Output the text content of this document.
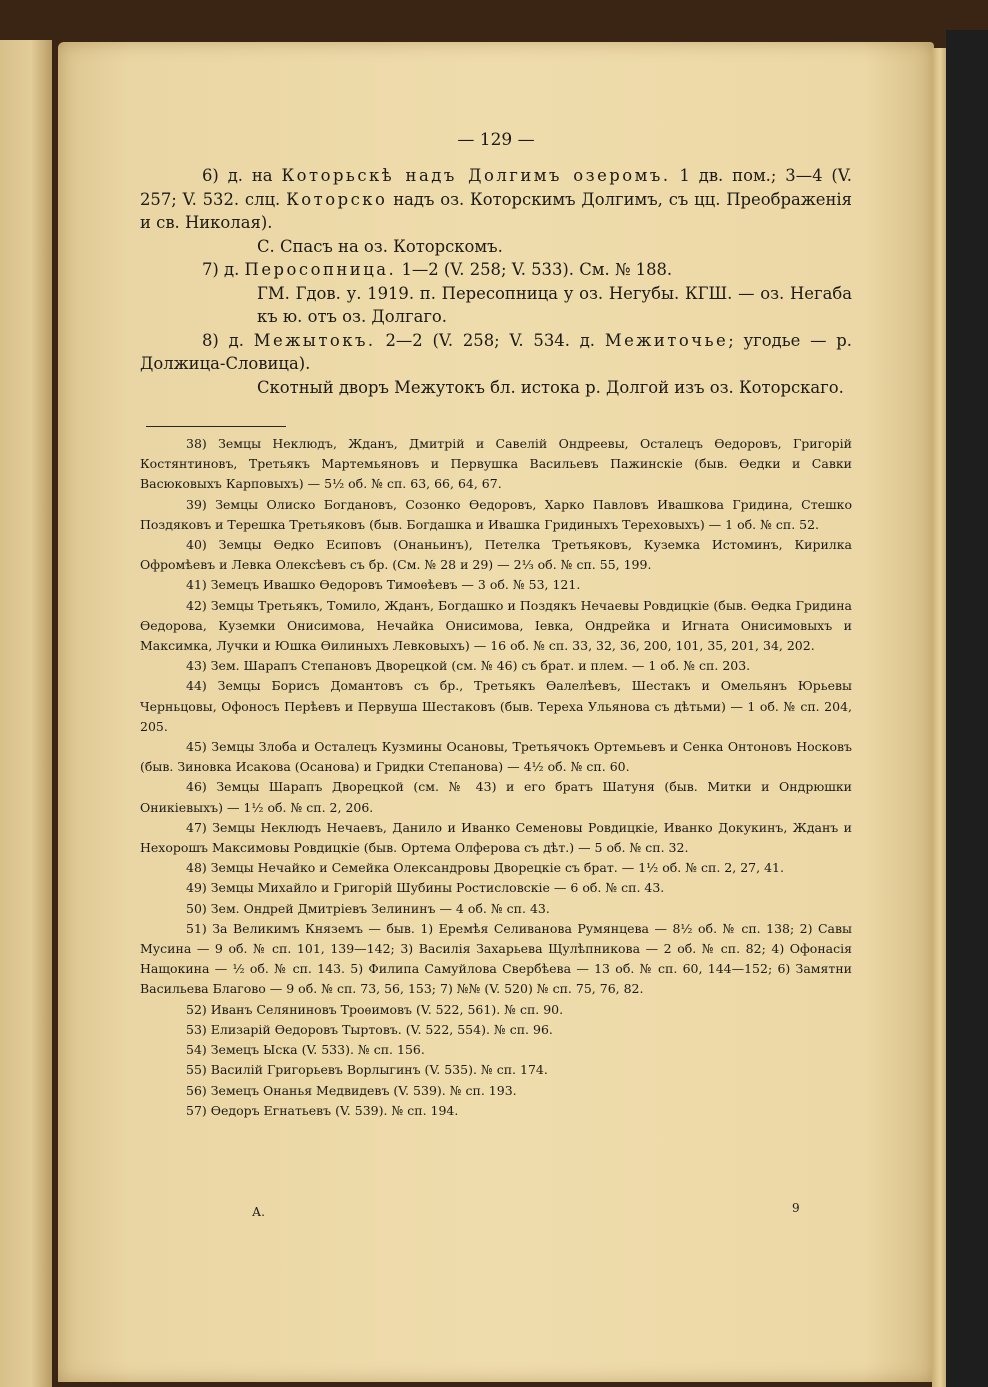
— 129 —

6) д. на Которьскѣ надъ Долгимъ озеромъ. 1 дв. пом.; 3—4 (V. 257; V. 532. слц. Которско надъ оз. Которскимъ Долгимъ, съ цц. Преображенія и св. Николая).

С. Спасъ на оз. Которскомъ.

7) д. Перосопница. 1—2 (V. 258; V. 533). См. № 188.

ГМ. Гдов. у. 1919. п. Пересопница у оз. Негубы. КГШ. — оз. Негаба къ ю. отъ оз. Долгаго.

8) д. Межытокъ. 2—2 (V. 258; V. 534. д. Межиточье; угодье — р. Должица-Словица).

Скотный дворъ Межутокъ бл. истока р. Долгой изъ оз. Которскаго.

38) Земцы Неклюдъ, Жданъ, Дмитрій и Савелій Ондреевы, Осталецъ Ѳедоровъ, Григорій Костянтиновъ, Третьякъ Мартемьяновъ и Первушка Васильевъ Пажинскіе (быв. Ѳедки и Савки Васюковыхъ Карповыхъ) — 5½ об. № сп. 63, 66, 64, 67.

39) Земцы Олиско Богдановъ, Созонко Ѳедоровъ, Харко Павловъ Ивашкова Гридина, Стешко Поздяковъ и Терешка Третьяковъ (быв. Богдашка и Ивашка Гридиныхъ Тереховыхъ) — 1 об. № сп. 52.

40) Земцы Ѳедко Есиповъ (Онаньинъ), Петелка Третьяковъ, Куземка Истоминъ, Кирилка Офромѣевъ и Левка Олексѣевъ съ бр. (См. № 28 и 29) — 2⅓ об. № сп. 55, 199.

41) Земецъ Ивашко Ѳедоровъ Тимоѳѣевъ — 3 об. № 53, 121.

42) Земцы Третьякъ, Томило, Жданъ, Богдашко и Поздякъ Нечаевы Ровдицкіе (быв. Ѳедка Гридина Ѳедорова, Куземки Онисимова, Нечайка Онисимова, Іевка, Ондрейка и Игната Онисимовыхъ и Максимка, Лучки и Юшка Ѳилиныхъ Левковыхъ) — 16 об. № сп. 33, 32, 36, 200, 101, 35, 201, 34, 202.

43) Зем. Шарапъ Степановъ Дворецкой (см. № 46) съ брат. и плем. — 1 об. № сп. 203.

44) Земцы Борисъ Домантовъ съ бр., Третьякъ Ѳалелѣевъ, Шестакъ и Омельянъ Юрьевы Черньцовы, Офоносъ Перѣевъ и Первуша Шестаковъ (быв. Тереха Ульянова съ дѣтьми) — 1 об. № сп. 204, 205.

45) Земцы Злоба и Осталецъ Кузмины Осановы, Третьячокъ Ортемьевъ и Сенка Онтоновъ Носковъ (быв. Зиновка Исакова (Осанова) и Гридки Степанова) — 4½ об. № сп. 60.

46) Земцы Шарапъ Дворецкой (см. № 43) и его братъ Шатуня (быв. Митки и Ондрюшки Оникіевыхъ) — 1½ об. № сп. 2, 206.

47) Земцы Неклюдъ Нечаевъ, Данило и Иванко Семеновы Ровдицкіе, Иванко Докукинъ, Жданъ и Нехорошъ Максимовы Ровдицкіе (быв. Ортема Олферова съ дѣт.) — 5 об. № сп. 32.

48) Земцы Нечайко и Семейка Олександровы Дворецкіе съ брат. — 1½ об. № сп. 2, 27, 41.

49) Земцы Михайло и Григорій Шубины Ростисловскіе — 6 об. № сп. 43.

50) Зем. Ондрей Дмитріевъ Зелининъ — 4 об. № сп. 43.

51) За Великимъ Княземъ — быв. 1) Еремѣя Селиванова Румянцева — 8½ об. № сп. 138; 2) Савы Мусина — 9 об. № сп. 101, 139—142; 3) Василія Захарьева Щулѣпникова — 2 об. № сп. 82; 4) Офонасія Нащокина — ½ об. № сп. 143. 5) Филипа Самуйлова Свербѣева — 13 об. № сп. 60, 144—152; 6) Замятни Васильева Благово — 9 об. № сп. 73, 56, 153; 7) №№ (V. 520) № сп. 75, 76, 82.

52) Иванъ Селяниновъ Троѳимовъ (V. 522, 561). № сп. 90.

53) Елизарій Ѳедоровъ Тыртовъ. (V. 522, 554). № сп. 96.

54) Земецъ Ыска (V. 533). № сп. 156.

55) Василій Григорьевъ Ворлыгинъ (V. 535). № сп. 174.

56) Земецъ Онанья Медвидевъ (V. 539). № сп. 193.

57) Ѳедоръ Егнатьевъ (V. 539). № сп. 194.

А.	9
